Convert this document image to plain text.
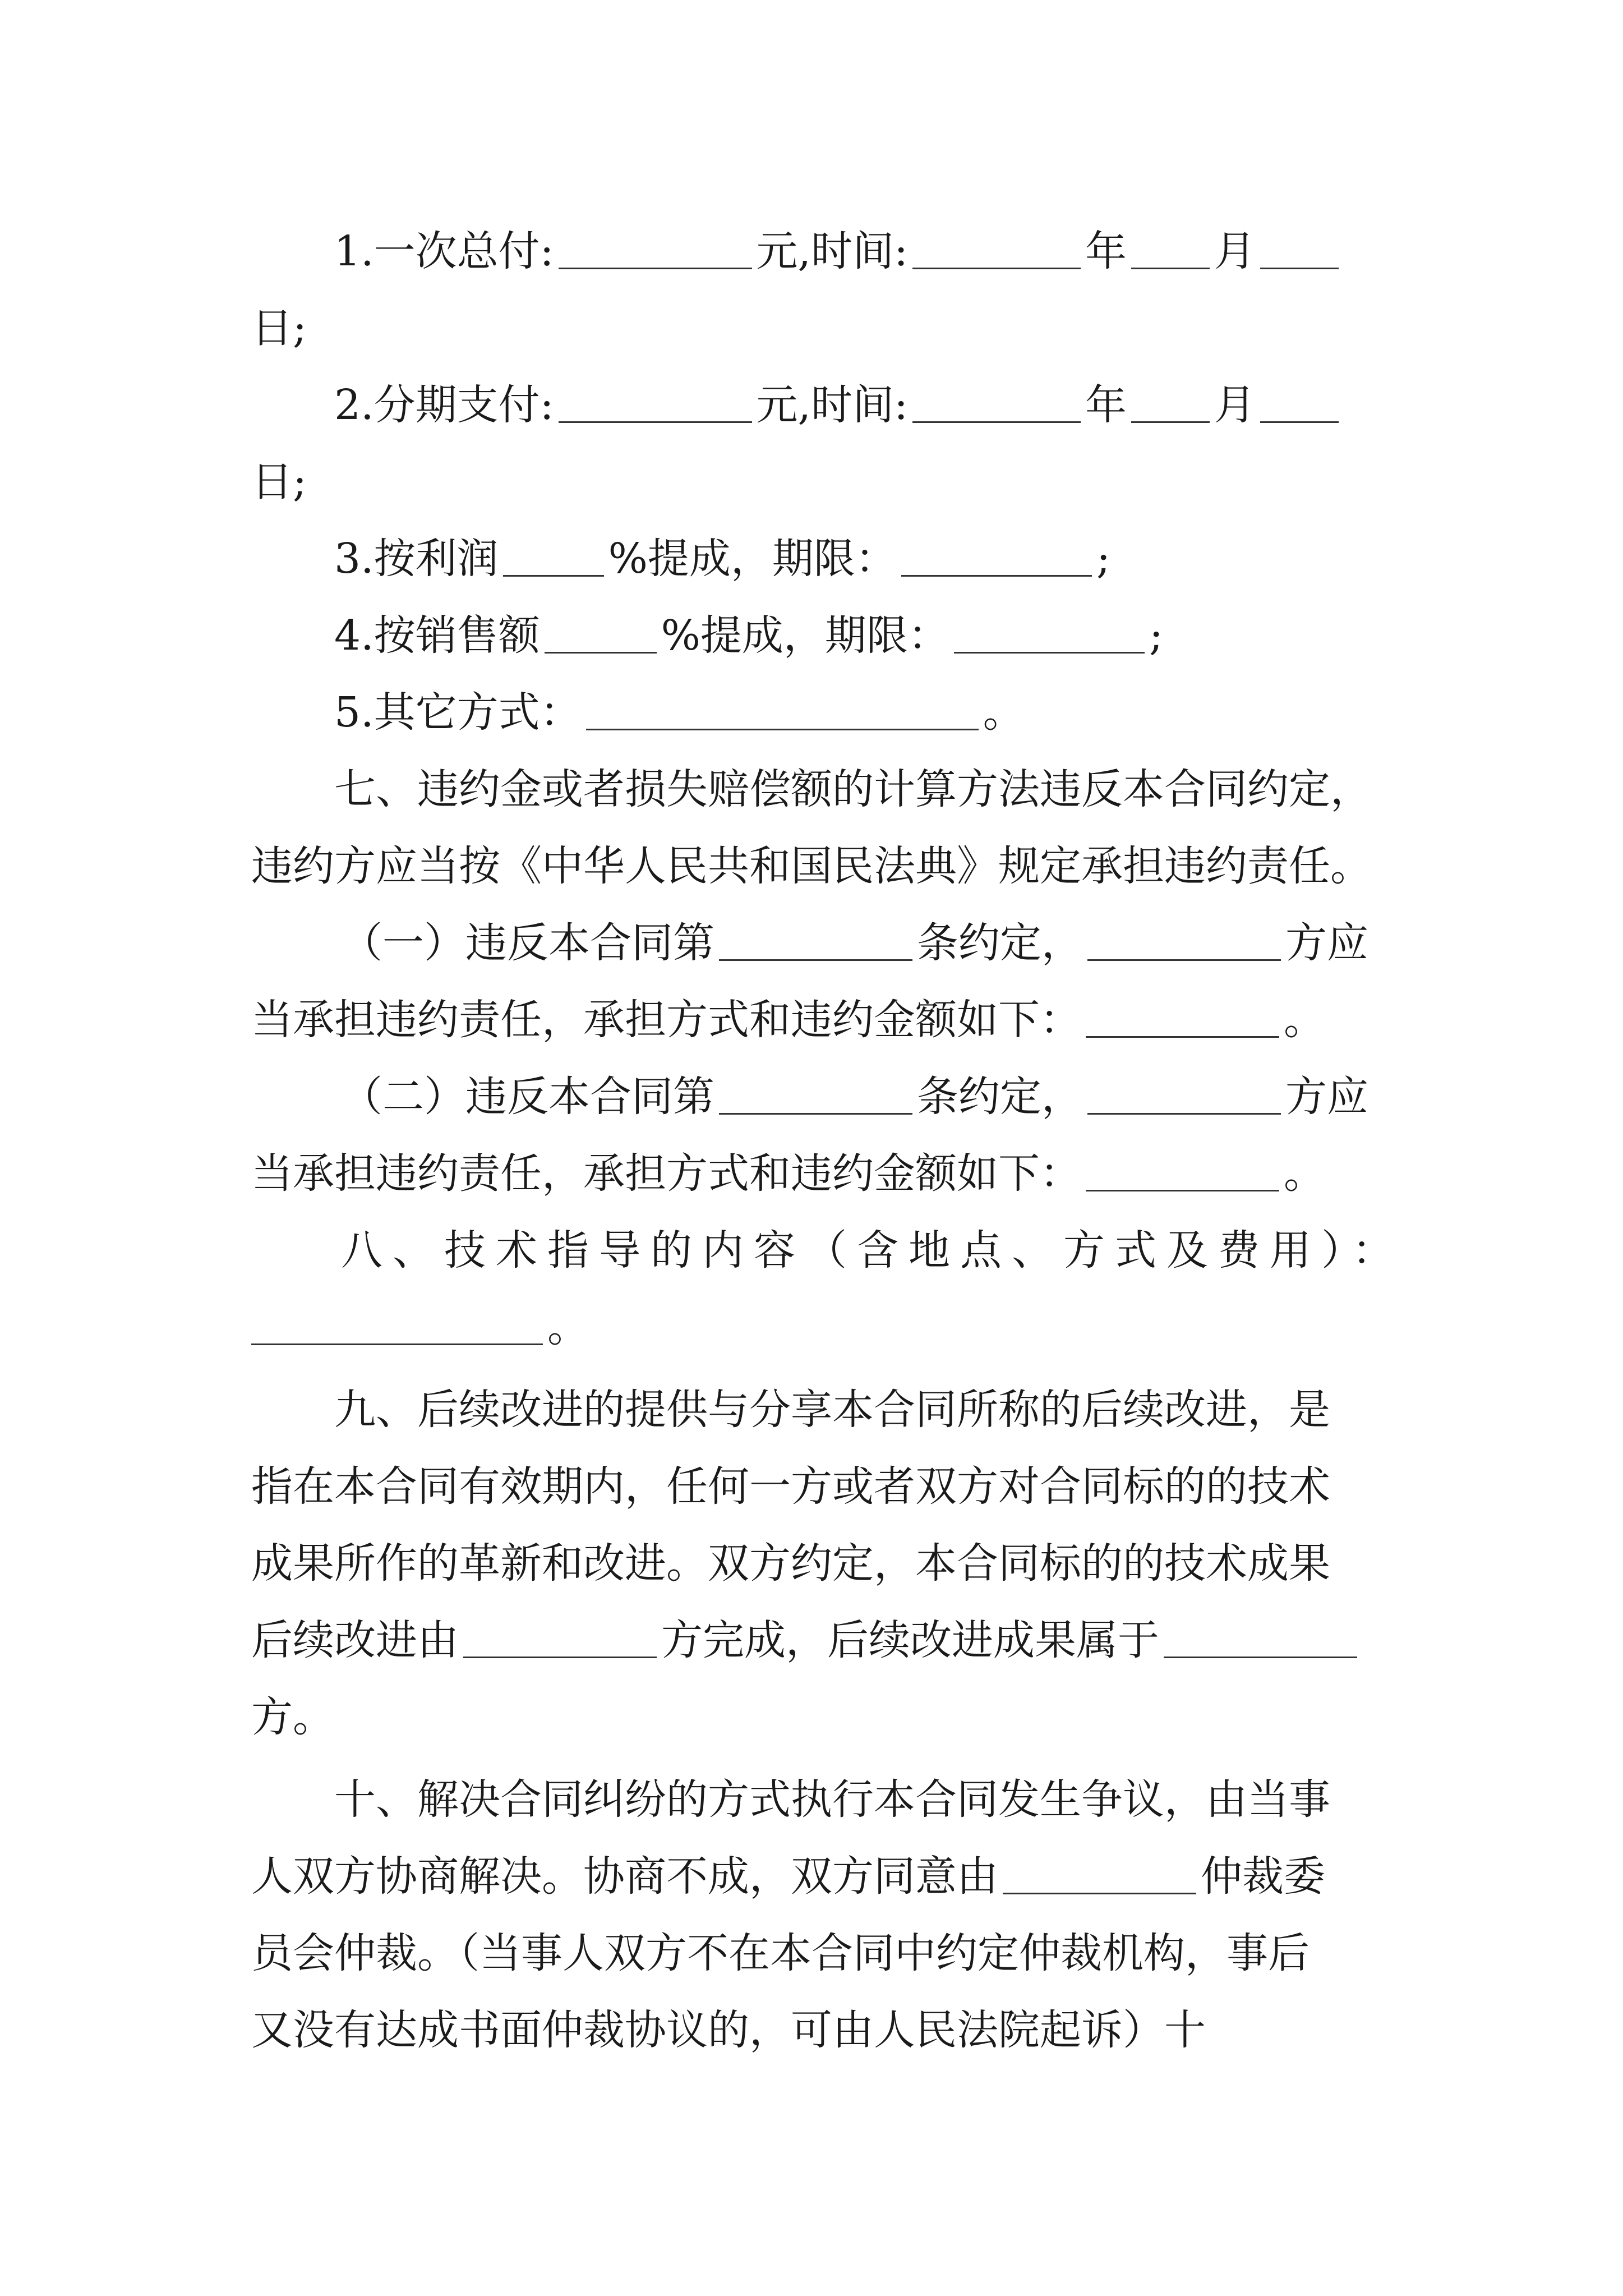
1.一次总付:	元,时间:	年 月
日;
2.分期支付:	元,时间:	年 月
日;
3.按利润	%提成，期限：	;
4.按销售额	%提成，期限：	;
5.其它方式：	。
七、违约金或者损失赔偿额的计算方法违反本合同约定，
违约方应当按《中华人民共和国民法典》规定承担违约责任。
（一）违反本合同第	条约定，	方应
当承担违约责任，承担方式和违约金额如下：	。
（二）违反本合同第	条约定，	方应
当承担违约责任，承担方式和违约金额如下：	。
八、技术指导的内容（含地点、方式及费用）：
。
九、后续改进的提供与分享本合同所称的后续改进，是
指在本合同有效期内，任何一方或者双方对合同标的的技术
成果所作的革新和改进。双方约定，本合同标的的技术成果
后续改进由	方完成，后续改进成果属于
方。
十、解决合同纠纷的方式执行本合同发生争议，由当事
人双方协商解决。协商不成，双方同意由	仲裁委
员会仲裁。（当事人双方不在本合同中约定仲裁机构，事后
又没有达成书面仲裁协议的，可由人民法院起诉）十
